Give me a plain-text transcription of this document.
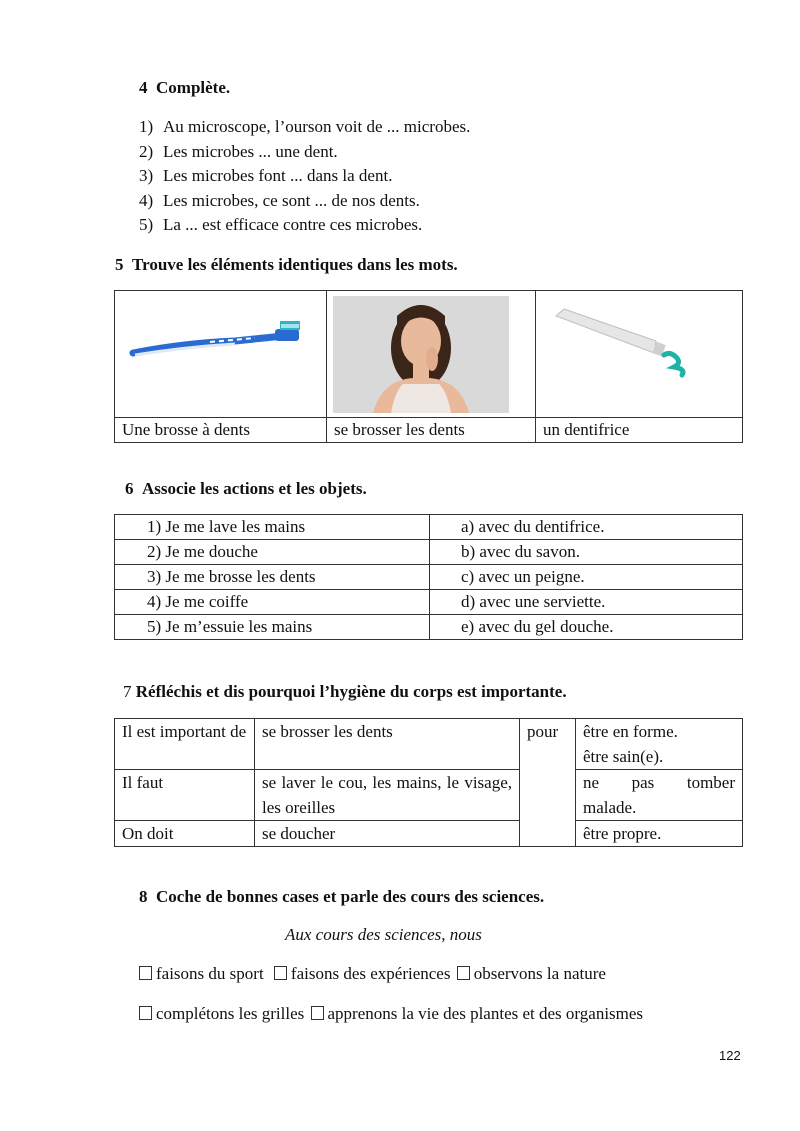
4 Complète.
1) Au microscope, l’ourson voit de ... microbes.
2) Les microbes ... une dent.
3) Les microbes font ... dans la dent.
4) Les microbes, ce sont ... de nos dents.
5) La ... est efficace contre ces microbes.
5 Trouve les éléments identiques dans les mots.

Une brosse à dents	se brosser les dents	un dentifrice
6 Associe les actions et les objets.
1) Je me lave les mains	a) avec du dentifrice.
2) Je me douche	b) avec du savon.
3) Je me brosse les dents	c) avec un peigne.
4) Je me coiffe	d) avec une serviette.
5) Je m’essuie les mains	e) avec du gel douche.
7 Réfléchis et dis pourquoi l’hygiène du corps est importante.
Il est important de	se brosser les dents	pour	être en forme.
être sain(e).

Il faut	se laver le cou, les mains, le visage, les oreilles		ne pas tomber malade.
On doit	se doucher		être propre.
8 Coche de bonnes cases et parle des cours des sciences.
Aux cours des sciences, nous
faisons du sport faisons des expériences observons la nature
complétons les grilles apprenons la vie des plantes et des organismes
122
